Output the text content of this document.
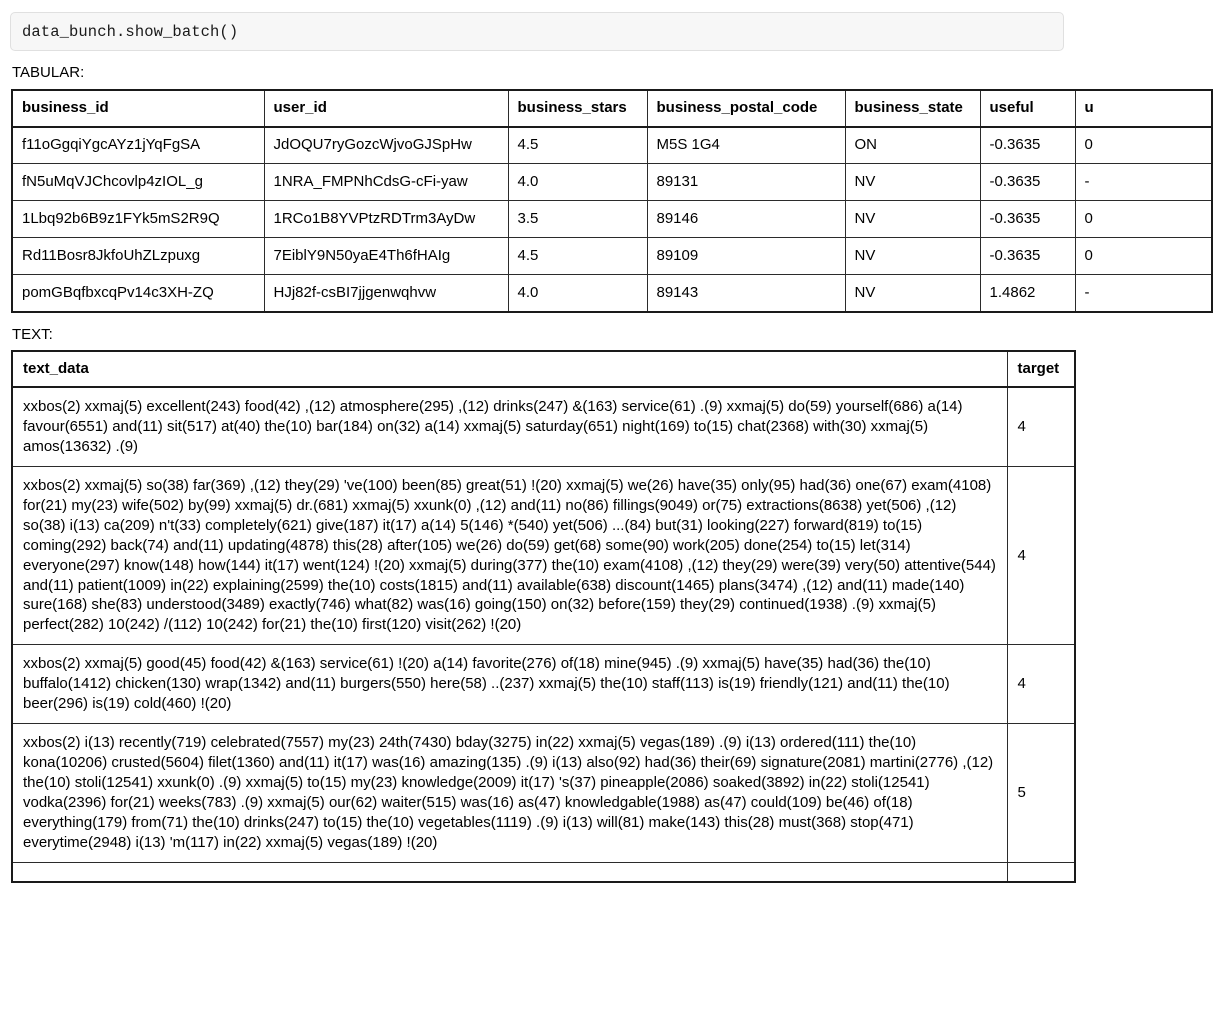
data_bunch.show_batch()
TABULAR:
business_id	user_id	business_stars	business_postal_code	business_state	useful	u
f11oGgqiYgcAYz1jYqFgSA	JdOQU7ryGozcWjvoGJSpHw	4.5	M5S 1G4	ON	-0.3635	0
fN5uMqVJChcovlp4zIOL_g	1NRA_FMPNhCdsG-cFi-yaw	4.0	89131	NV	-0.3635	-
1Lbq92b6B9z1FYk5mS2R9Q	1RCo1B8YVPtzRDTrm3AyDw	3.5	89146	NV	-0.3635	0
Rd11Bosr8JkfoUhZLzpuxg	7EiblY9N50yaE4Th6fHAIg	4.5	89109	NV	-0.3635	0
pomGBqfbxcqPv14c3XH-ZQ	HJj82f-csBI7jjgenwqhvw	4.0	89143	NV	1.4862	-
TEXT:
text_data	target
xxbos(2) xxmaj(5) excellent(243) food(42) ,(12) atmosphere(295) ,(12) drinks(247) &(163) service(61) .(9) xxmaj(5) do(59) yourself(686) a(14) favour(6551) and(11) sit(517) at(40) the(10) bar(184) on(32) a(14) xxmaj(5) saturday(651) night(169) to(15) chat(2368) with(30) xxmaj(5) amos(13632) .(9)	4
xxbos(2) xxmaj(5) so(38) far(369) ,(12) they(29) 've(100) been(85) great(51) !(20) xxmaj(5) we(26) have(35) only(95) had(36) one(67) exam(4108) for(21) my(23) wife(502) by(99) xxmaj(5) dr.(681) xxmaj(5) xxunk(0) ,(12) and(11) no(86) fillings(9049) or(75) extractions(8638) yet(506) ,(12) so(38) i(13) ca(209) n't(33) completely(621) give(187) it(17) a(14) 5(146) *(540) yet(506) ...(84) but(31) looking(227) forward(819) to(15) coming(292) back(74) and(11) updating(4878) this(28) after(105) we(26) do(59) get(68) some(90) work(205) done(254) to(15) let(314) everyone(297) know(148) how(144) it(17) went(124) !(20) xxmaj(5) during(377) the(10) exam(4108) ,(12) they(29) were(39) very(50) attentive(544) and(11) patient(1009) in(22) explaining(2599) the(10) costs(1815) and(11) available(638) discount(1465) plans(3474) ,(12) and(11) made(140) sure(168) she(83) understood(3489) exactly(746) what(82) was(16) going(150) on(32) before(159) they(29) continued(1938) .(9) xxmaj(5) perfect(282) 10(242) /(112) 10(242) for(21) the(10) first(120) visit(262) !(20)	4
xxbos(2) xxmaj(5) good(45) food(42) &(163) service(61) !(20) a(14) favorite(276) of(18) mine(945) .(9) xxmaj(5) have(35) had(36) the(10) buffalo(1412) chicken(130) wrap(1342) and(11) burgers(550) here(58) ..(237) xxmaj(5) the(10) staff(113) is(19) friendly(121) and(11) the(10) beer(296) is(19) cold(460) !(20)	4
xxbos(2) i(13) recently(719) celebrated(7557) my(23) 24th(7430) bday(3275) in(22) xxmaj(5) vegas(189) .(9) i(13) ordered(111) the(10) kona(10206) crusted(5604) filet(1360) and(11) it(17) was(16) amazing(135) .(9) i(13) also(92) had(36) their(69) signature(2081) martini(2776) ,(12) the(10) stoli(12541) xxunk(0) .(9) xxmaj(5) to(15) my(23) knowledge(2009) it(17) 's(37) pineapple(2086) soaked(3892) in(22) stoli(12541) vodka(2396) for(21) weeks(783) .(9) xxmaj(5) our(62) waiter(515) was(16) as(47) knowledgable(1988) as(47) could(109) be(46) of(18) everything(179) from(71) the(10) drinks(247) to(15) the(10) vegetables(1119) .(9) i(13) will(81) make(143) this(28) must(368) stop(471) everytime(2948) i(13) 'm(117) in(22) xxmaj(5) vegas(189) !(20)	5
